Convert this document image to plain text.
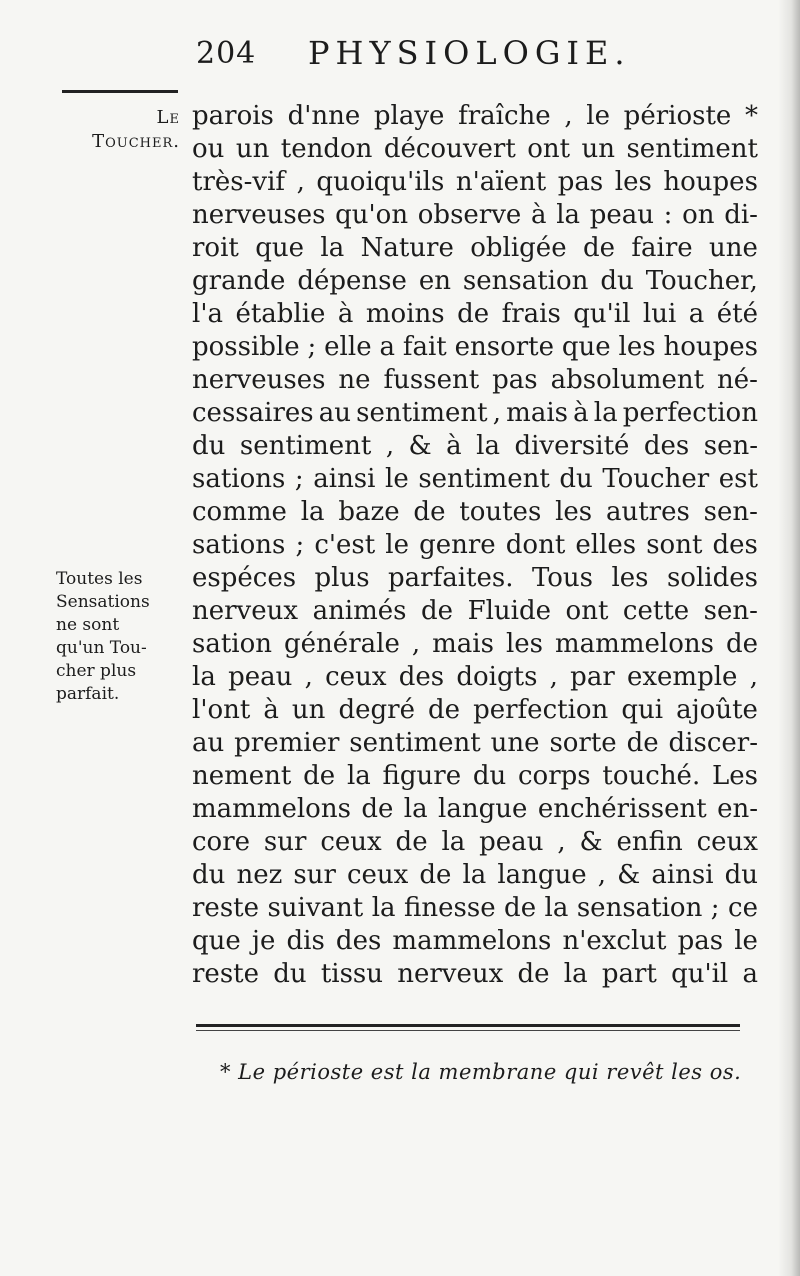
204 PHYSIOLOGIE.
Le
Toucher.
Toutes les
Sensations
ne sont
qu'un Tou-
cher plus
parfait.
parois d'nne playe fraîche , le périoste *
ou un tendon découvert ont un sentiment
très-vif , quoiqu'ils n'aïent pas les houpes
nerveuses qu'on observe à la peau : on di-
roit que la Nature obligée de faire une
grande dépense en sensation du Toucher,
l'a établie à moins de frais qu'il lui a été
possible ; elle a fait ensorte que les houpes
nerveuses ne fussent pas absolument né-
cessaires au sentiment , mais à la perfection
du sentiment , & à la diversité des sen-
sations ; ainsi le sentiment du Toucher est
comme la baze de toutes les autres sen-
sations ; c'est le genre dont elles sont des
espéces plus parfaites. Tous les solides
nerveux animés de Fluide ont cette sen-
sation générale , mais les mammelons de
la peau , ceux des doigts , par exemple ,
l'ont à un degré de perfection qui ajoûte
au premier sentiment une sorte de discer-
nement de la figure du corps touché. Les
mammelons de la langue enchérissent en-
core sur ceux de la peau , & enfin ceux
du nez sur ceux de la langue , & ainsi du
reste suivant la finesse de la sensation ; ce
que je dis des mammelons n'exclut pas le
reste du tissu nerveux de la part qu'il a
* Le périoste est la membrane qui revêt les os.
